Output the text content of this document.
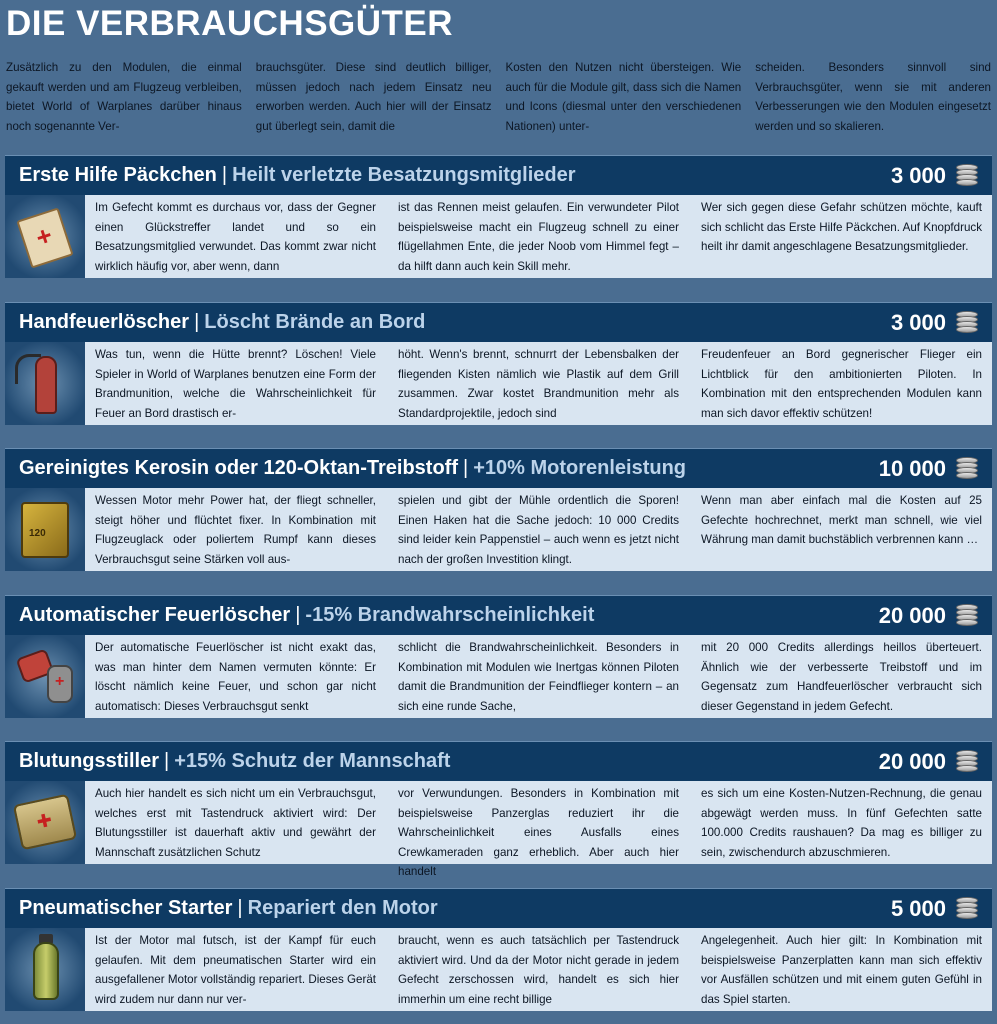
DIE VERBRAUCHSGÜTER

Zusätzlich zu den Modulen, die einmal gekauft werden und am Flugzeug verbleiben, bietet World of Warplanes darüber hinaus noch sogenannte Ver-

brauchsgüter. Diese sind deutlich billiger, müssen jedoch nach jedem Einsatz neu erworben werden. Auch hier will der Einsatz gut überlegt sein, damit die

Kosten den Nutzen nicht übersteigen. Wie auch für die Module gilt, dass sich die Namen und Icons (diesmal unter den verschiedenen Nationen) unter-

scheiden. Besonders sinnvoll sind Verbrauchsgüter, wenn sie mit anderen Verbesserungen wie den Modulen eingesetzt werden und so skalieren.

Erste Hilfe Päckchen | Heilt verletzte Besatzungsmitglieder	3 000
+

Im Gefecht kommt es durchaus vor, dass der Gegner einen Glückstreffer landet und so ein Besatzungsmitglied verwundet. Das kommt zwar nicht wirklich häufig vor, aber wenn, dann

ist das Rennen meist gelaufen. Ein verwundeter Pilot beispielsweise macht ein Flugzeug schnell zu einer flügellahmen Ente, die jeder Noob vom Himmel fegt – da hilft dann auch kein Skill mehr.

Wer sich gegen diese Gefahr schützen möchte, kauft sich schlicht das Erste Hilfe Päckchen. Auf Knopfdruck heilt ihr damit angeschlagene Besatzungsmitglieder.

Handfeuerlöscher | Löscht Brände an Bord	3 000

Was tun, wenn die Hütte brennt? Löschen! Viele Spieler in World of Warplanes benutzen eine Form der Brandmunition, welche die Wahrscheinlichkeit für Feuer an Bord drastisch er-

höht. Wenn's brennt, schnurrt der Lebensbalken der fliegenden Kisten nämlich wie Plastik auf dem Grill zusammen. Zwar kostet Brandmunition mehr als Standardprojektile, jedoch sind

Freudenfeuer an Bord gegnerischer Flieger ein Lichtblick für den ambitionierten Piloten. In Kombination mit den entsprechenden Modulen kann man sich davor effektiv schützen!

Gereinigtes Kerosin oder 120-Oktan-Treibstoff | +10% Motorenleistung	10 000
120

Wessen Motor mehr Power hat, der fliegt schneller, steigt höher und flüchtet fixer. In Kombination mit Flugzeuglack oder poliertem Rumpf kann dieses Verbrauchsgut seine Stärken voll aus-

spielen und gibt der Mühle ordentlich die Sporen! Einen Haken hat die Sache jedoch: 10 000 Credits sind leider kein Pappenstiel – auch wenn es jetzt nicht nach der großen Investition klingt.

Wenn man aber einfach mal die Kosten auf 25 Gefechte hochrechnet, merkt man schnell, wie viel Währung man damit buchstäblich verbrennen kann …

Automatischer Feuerlöscher | -15% Brandwahrscheinlichkeit	20 000
+

Der automatische Feuerlöscher ist nicht exakt das, was man hinter dem Namen vermuten könnte: Er löscht nämlich keine Feuer, und schon gar nicht automatisch: Dieses Verbrauchsgut senkt

schlicht die Brandwahrscheinlichkeit. Besonders in Kombination mit Modulen wie Inertgas können Piloten damit die Brandmunition der Feindflieger kontern – an sich eine runde Sache,

mit 20 000 Credits allerdings heillos überteuert. Ähnlich wie der verbesserte Treibstoff und im Gegensatz zum Handfeuerlöscher verbraucht sich dieser Gegenstand in jedem Gefecht.

Blutungsstiller | +15% Schutz der Mannschaft	20 000
✚

Auch hier handelt es sich nicht um ein Verbrauchsgut, welches erst mit Tastendruck aktiviert wird: Der Blutungsstiller ist dauerhaft aktiv und gewährt der Mannschaft zusätzlichen Schutz

vor Verwundungen. Besonders in Kombination mit beispielsweise Panzerglas reduziert ihr die Wahrscheinlichkeit eines Ausfalls eines Crewkameraden ganz erheblich. Aber auch hier handelt

es sich um eine Kosten-Nutzen-Rechnung, die genau abgewägt werden muss. In fünf Gefechten satte 100.000 Credits raushauen? Da mag es billiger zu sein, zwischendurch abzuschmieren.

Pneumatischer Starter | Repariert den Motor	5 000

Ist der Motor mal futsch, ist der Kampf für euch gelaufen. Mit dem pneumatischen Starter wird ein ausgefallener Motor vollständig repariert. Dieses Gerät wird zudem nur dann nur ver-

braucht, wenn es auch tatsächlich per Tastendruck aktiviert wird. Und da der Motor nicht gerade in jedem Gefecht zerschossen wird, handelt es sich hier immerhin um eine recht billige

Angelegenheit. Auch hier gilt: In Kombination mit beispielsweise Panzerplatten kann man sich effektiv vor Ausfällen schützen und mit einem guten Gefühl in das Spiel starten.
